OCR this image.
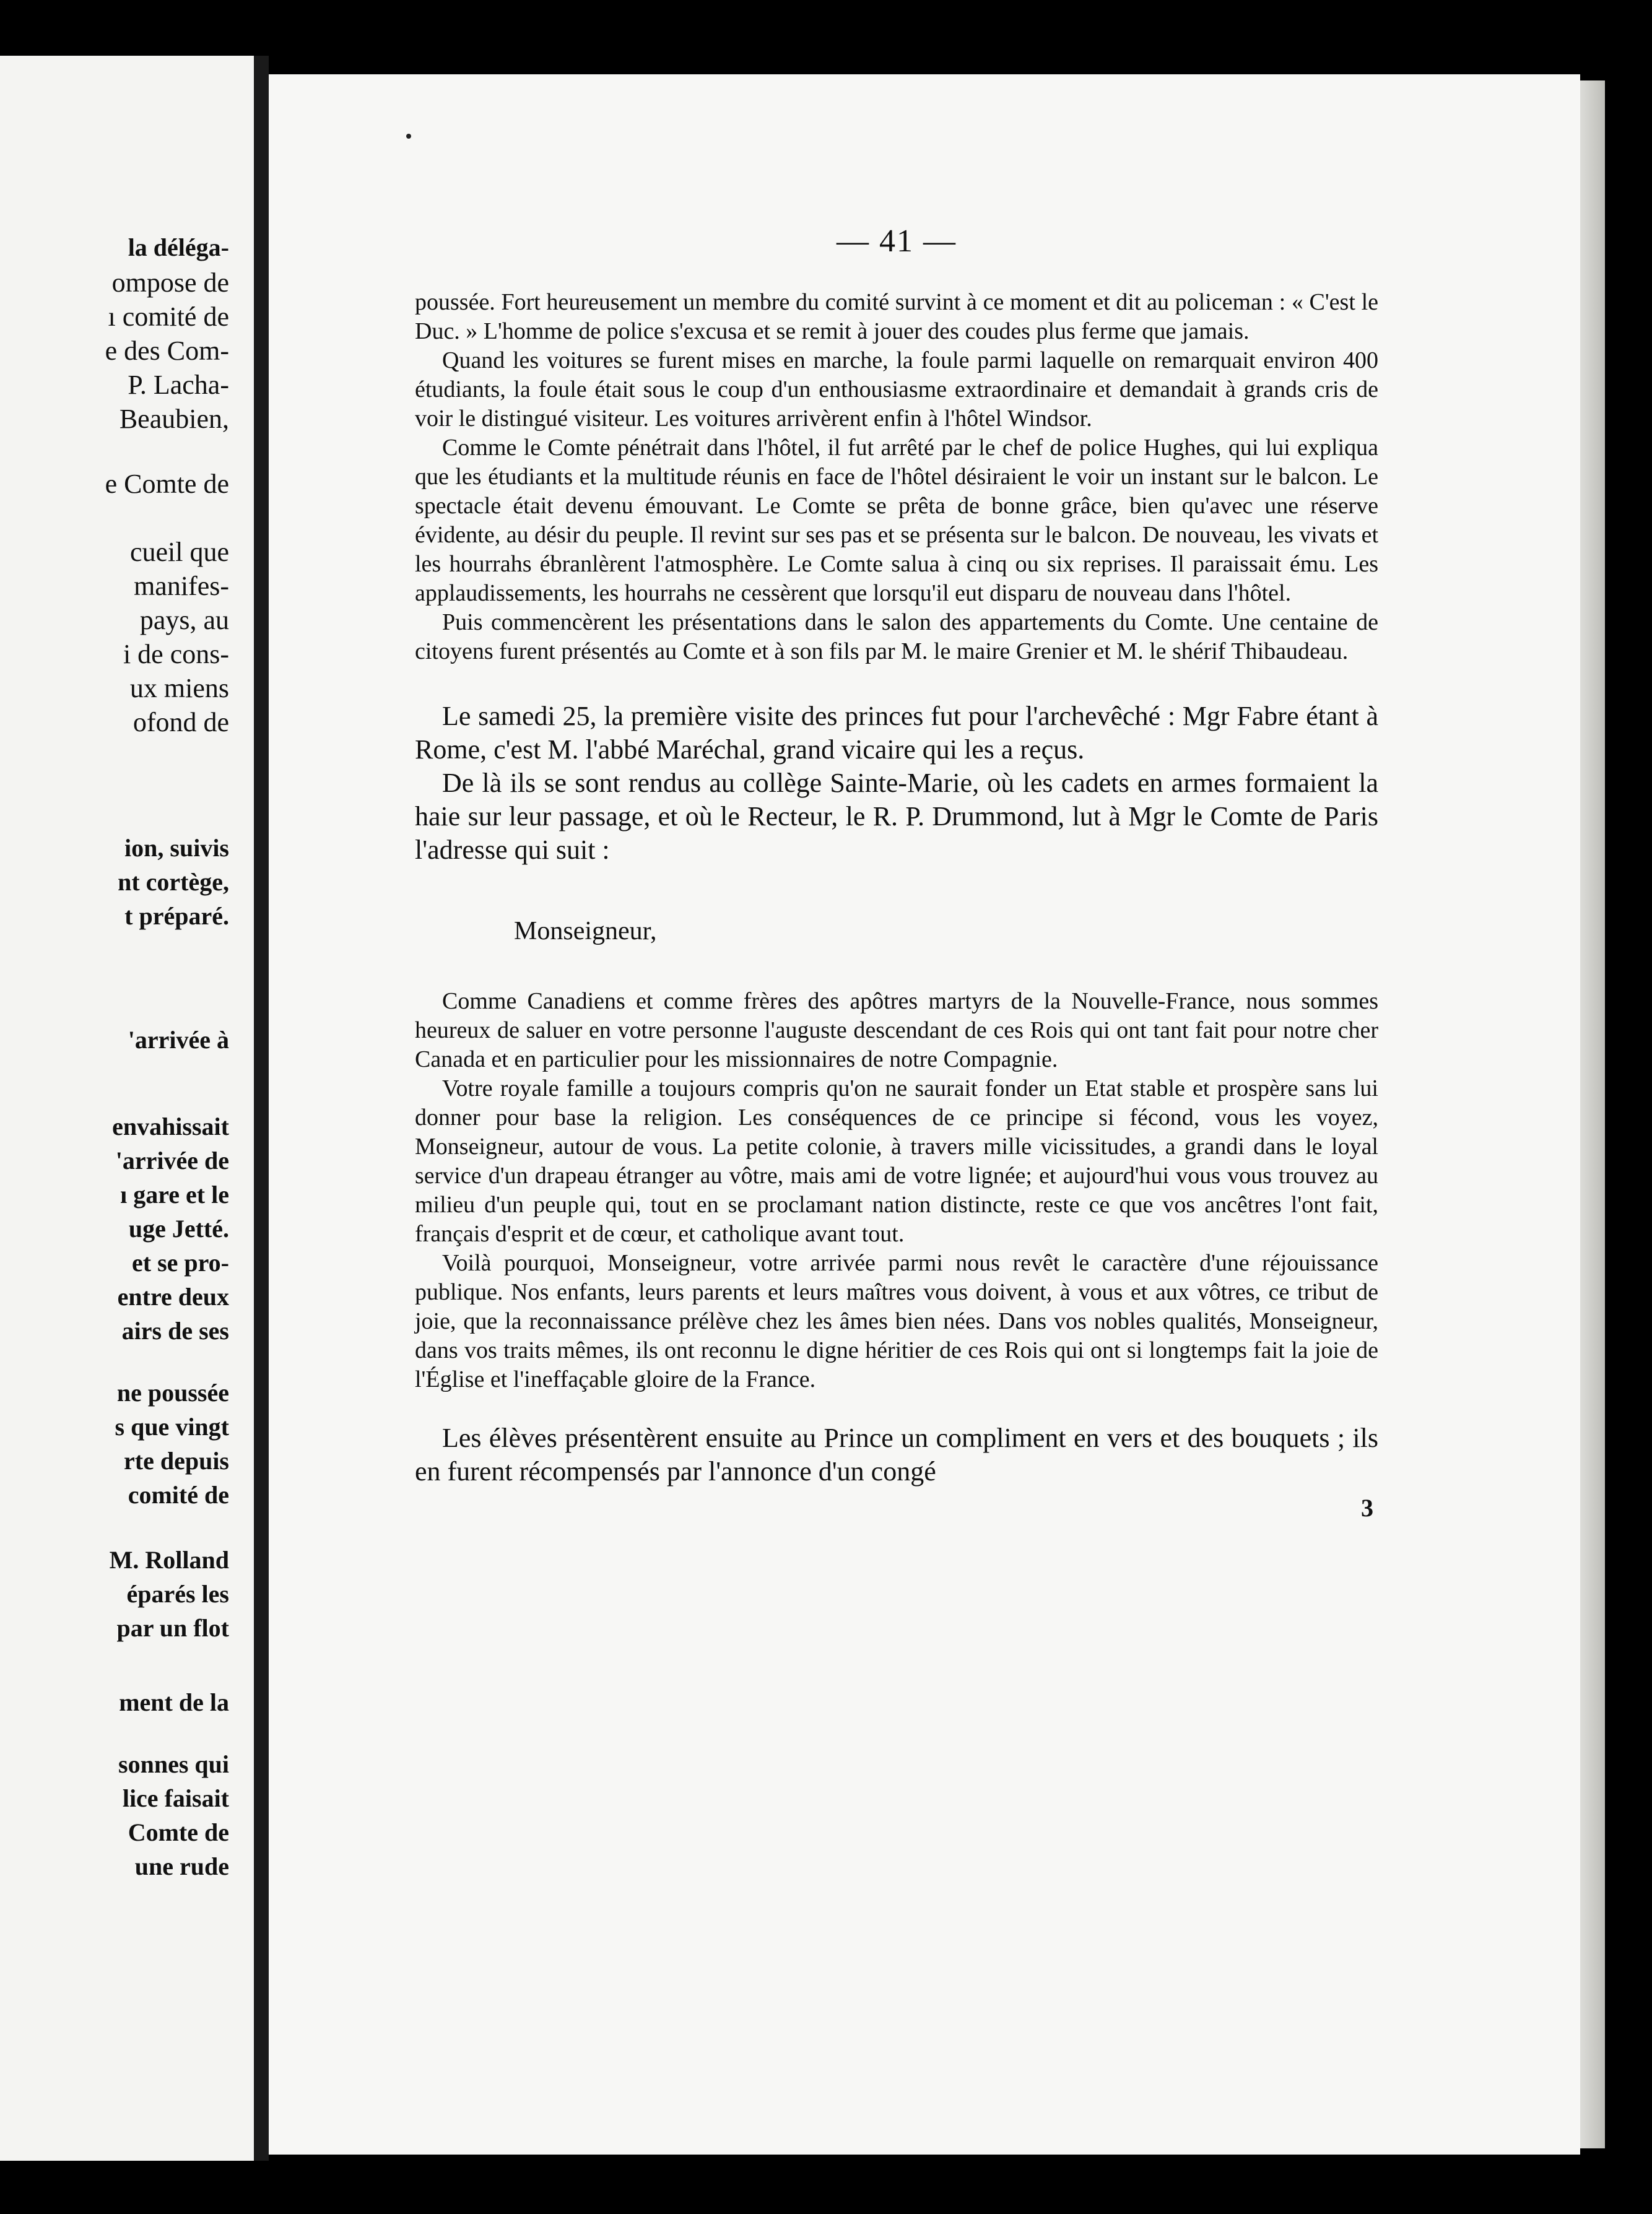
la déléga-
ompose de
ı comité de
e des Com-
P. Lacha-
Beaubien,
e Comte de
cueil que
manifes-
pays, au
i de cons-
ux miens
ofond de
ion, suivis
nt cortège,
t préparé.
'arrivée à
envahissait
'arrivée de
ı gare et le
uge Jetté.
et se pro-
entre deux
airs de ses
ne poussée
s que vingt
rte depuis
comité de
M. Rolland
éparés les
par un flot
ment de la
sonnes qui
lice faisait
Comte de
une rude
— 41 —

poussée. Fort heureusement un membre du comité survint à ce moment et dit au policeman : « C'est le Duc. » L'homme de police s'excusa et se remit à jouer des coudes plus ferme que jamais.

Quand les voitures se furent mises en marche, la foule parmi laquelle on remarquait environ 400 étudiants, la foule était sous le coup d'un enthousiasme extraordinaire et demandait à grands cris de voir le distingué visiteur. Les voitures arrivèrent enfin à l'hôtel Windsor.

Comme le Comte pénétrait dans l'hôtel, il fut arrêté par le chef de police Hughes, qui lui expliqua que les étudiants et la multitude réunis en face de l'hôtel désiraient le voir un instant sur le balcon. Le spectacle était devenu émouvant. Le Comte se prêta de bonne grâce, bien qu'avec une réserve évidente, au désir du peuple. Il revint sur ses pas et se présenta sur le balcon. De nouveau, les vivats et les hourrahs ébranlèrent l'atmosphère. Le Comte salua à cinq ou six reprises. Il paraissait ému. Les applaudissements, les hourrahs ne cessèrent que lorsqu'il eut disparu de nouveau dans l'hôtel.

Puis commencèrent les présentations dans le salon des appartements du Comte. Une centaine de citoyens furent présentés au Comte et à son fils par M. le maire Grenier et M. le shérif Thibaudeau.

Le samedi 25, la première visite des princes fut pour l'archevêché : Mgr Fabre étant à Rome, c'est M. l'abbé Maréchal, grand vicaire qui les a reçus.

De là ils se sont rendus au collège Sainte-Marie, où les cadets en armes formaient la haie sur leur passage, et où le Recteur, le R. P. Drummond, lut à Mgr le Comte de Paris l'adresse qui suit :

Monseigneur,

Comme Canadiens et comme frères des apôtres martyrs de la Nouvelle-France, nous sommes heureux de saluer en votre personne l'auguste descendant de ces Rois qui ont tant fait pour notre cher Canada et en particulier pour les missionnaires de notre Compagnie.

Votre royale famille a toujours compris qu'on ne saurait fonder un Etat stable et prospère sans lui donner pour base la religion. Les conséquences de ce principe si fécond, vous les voyez, Monseigneur, autour de vous. La petite colonie, à travers mille vicissitudes, a grandi dans le loyal service d'un drapeau étranger au vôtre, mais ami de votre lignée; et aujourd'hui vous vous trouvez au milieu d'un peuple qui, tout en se proclamant nation distincte, reste ce que vos ancêtres l'ont fait, français d'esprit et de cœur, et catholique avant tout.

Voilà pourquoi, Monseigneur, votre arrivée parmi nous revêt le caractère d'une réjouissance publique. Nos enfants, leurs parents et leurs maîtres vous doivent, à vous et aux vôtres, ce tribut de joie, que la reconnaissance prélève chez les âmes bien nées. Dans vos nobles qualités, Monseigneur, dans vos traits mêmes, ils ont reconnu le digne héritier de ces Rois qui ont si longtemps fait la joie de l'Église et l'ineffaçable gloire de la France.

Les élèves présentèrent ensuite au Prince un compliment en vers et des bouquets ; ils en furent récompensés par l'annonce d'un congé

3
